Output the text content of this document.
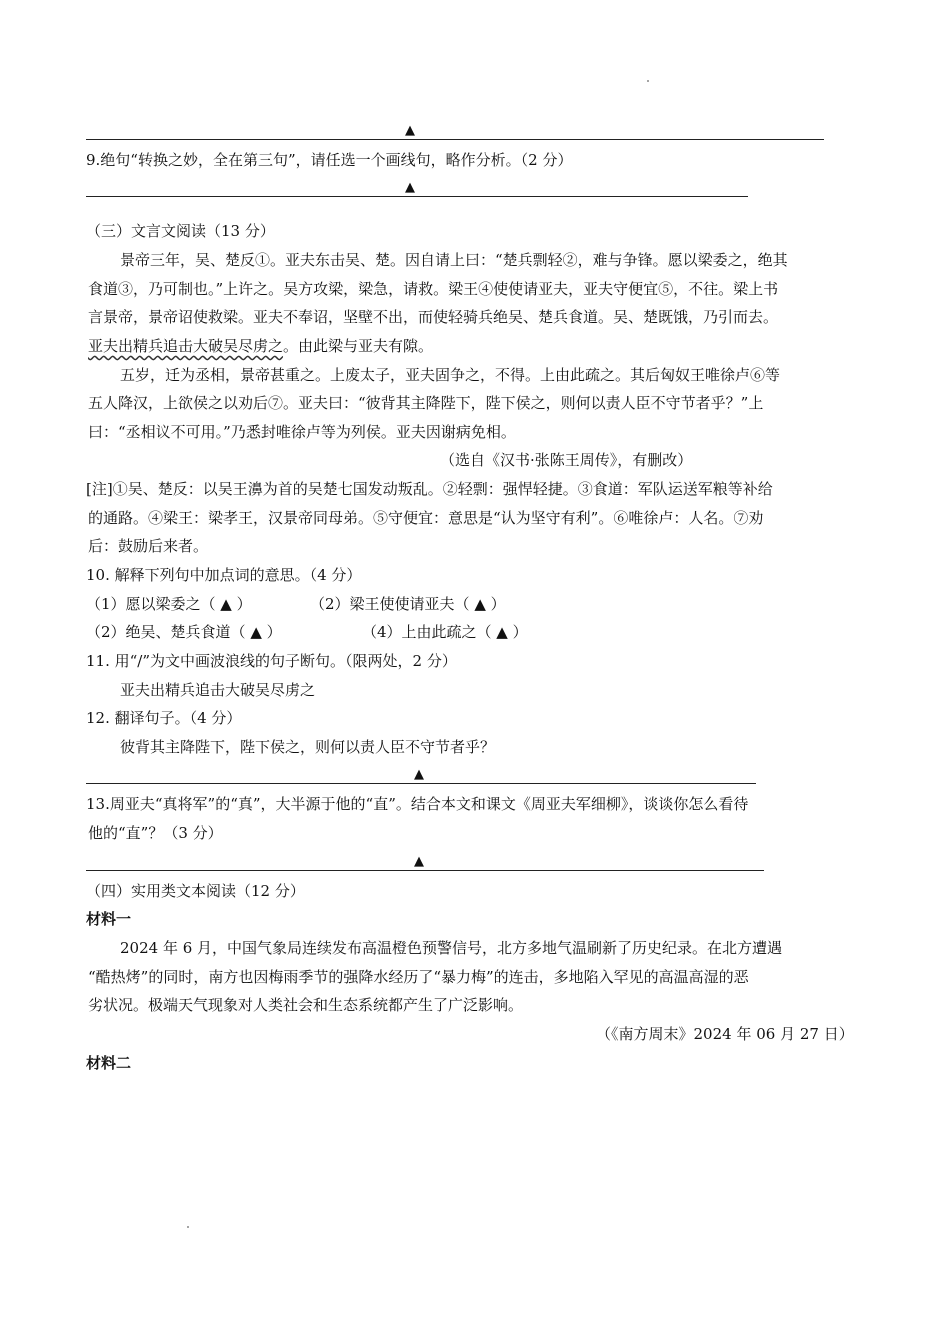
▲
9.绝句“转换之妙，全在第三句”，请任选一个画线句，略作分析。（2 分）
▲
（三）文言文阅读（13 分）
景帝三年，吴、楚反①。亚夫东击吴、楚。因自请上曰：“楚兵剽轻②，难与争锋。愿以梁委之，绝其
食道③，乃可制也。”上许之。吴方攻梁，梁急，请救。梁王④使使请亚夫，亚夫守便宜⑤，不往。梁上书
言景帝，景帝诏使救梁。亚夫不奉诏，坚壁不出，而使轻骑兵绝吴、楚兵食道。吴、楚既饿，乃引而去。
亚夫出精兵追击大破吴尽虏之。由此梁与亚夫有隙。
五岁，迁为丞相，景帝甚重之。上废太子，亚夫固争之，不得。上由此疏之。其后匈奴王唯徐卢⑥等
五人降汉，上欲侯之以劝后⑦。亚夫曰：“彼背其主降陛下，陛下侯之，则何以责人臣不守节者乎？”上
曰：“丞相议不可用。”乃悉封唯徐卢等为列侯。亚夫因谢病免相。
（选自《汉书·张陈王周传》，有删改）
[注]①吴、楚反：以吴王濞为首的吴楚七国发动叛乱。②轻剽：强悍轻捷。③食道：军队运送军粮等补给
的通路。④梁王：梁孝王，汉景帝同母弟。⑤守便宜：意思是“认为坚守有利”。⑥唯徐卢：人名。⑦劝
后：鼓励后来者。
10. 解释下列句中加点词的意思。（4 分）
（1）愿以梁委之（ ▲ ）	（2）梁王使使请亚夫（ ▲ ）
（2）绝吴、楚兵食道（ ▲ ）	（4）上由此疏之（ ▲ ）
11. 用“/”为文中画波浪线的句子断句。（限两处，2 分）
亚夫出精兵追击大破吴尽虏之
12. 翻译句子。（4 分）
彼背其主降陛下，陛下侯之，则何以责人臣不守节者乎？
▲
13.周亚夫“真将军”的“真”，大半源于他的“直”。结合本文和课文《周亚夫军细柳》，谈谈你怎么看待
他的“直”？（3 分）
▲
（四）实用类文本阅读（12 分）
材料一
2024 年 6 月，中国气象局连续发布高温橙色预警信号，北方多地气温刷新了历史纪录。在北方遭遇
“酷热烤”的同时，南方也因梅雨季节的强降水经历了“暴力梅”的连击，多地陷入罕见的高温高湿的恶
劣状况。极端天气现象对人类社会和生态系统都产生了广泛影响。
（《南方周末》2024 年 06 月 27 日）
材料二
